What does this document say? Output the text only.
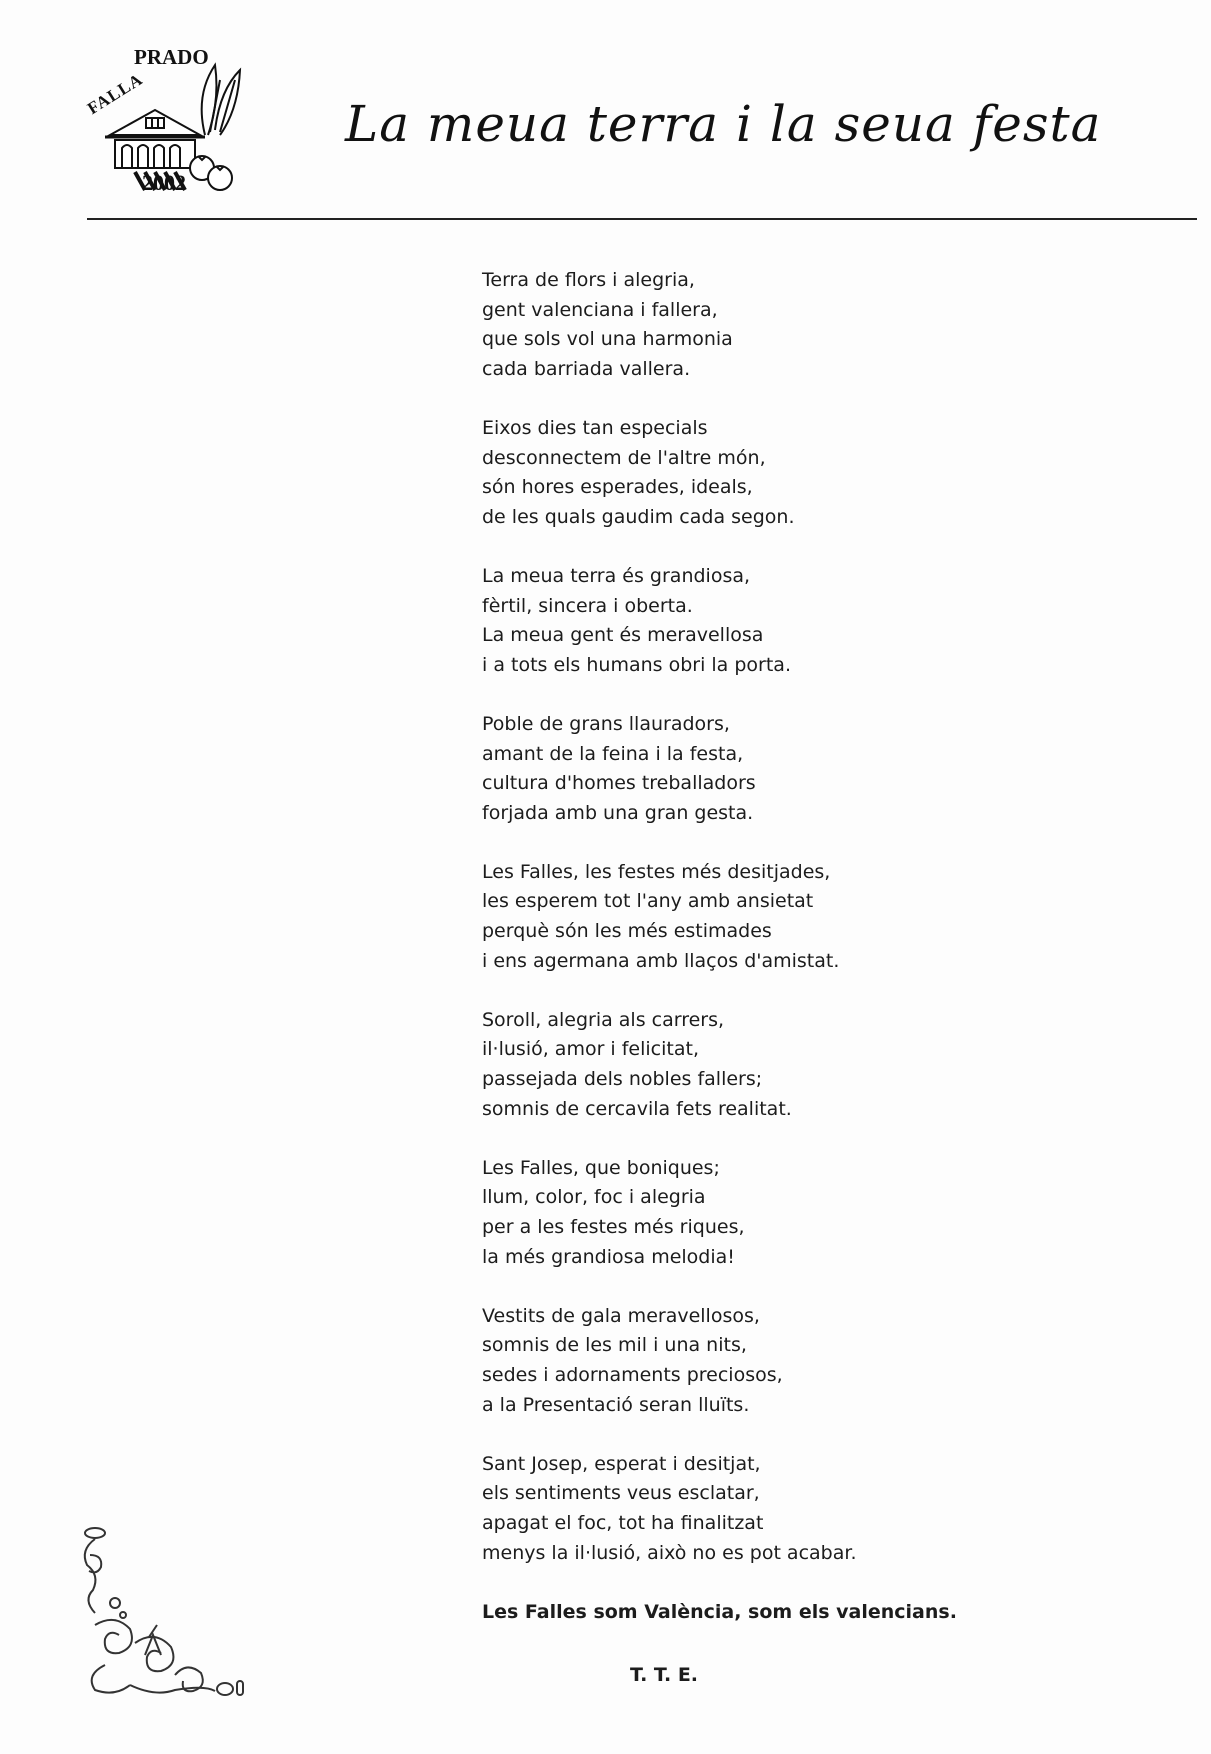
PRADO
FALLA
2002
La meua terra i la seua festa
Terra de flors i alegria,
gent valenciana i fallera,
que sols vol una harmonia
cada barriada vallera.
Eixos dies tan especials
desconnectem de l'altre món,
són hores esperades, ideals,
de les quals gaudim cada segon.
La meua terra és grandiosa,
fèrtil, sincera i oberta.
La meua gent és meravellosa
i a tots els humans obri la porta.
Poble de grans llauradors,
amant de la feina i la festa,
cultura d'homes treballadors
forjada amb una gran gesta.
Les Falles, les festes més desitjades,
les esperem tot l'any amb ansietat
perquè són les més estimades
i ens agermana amb llaços d'amistat.
Soroll, alegria als carrers,
il·lusió, amor i felicitat,
passejada dels nobles fallers;
somnis de cercavila fets realitat.
Les Falles, que boniques;
llum, color, foc i alegria
per a les festes més riques,
la més grandiosa melodia!
Vestits de gala meravellosos,
somnis de les mil i una nits,
sedes i adornaments preciosos,
a la Presentació seran lluïts.
Sant Josep, esperat i desitjat,
els sentiments veus esclatar,
apagat el foc, tot ha finalitzat
menys la il·lusió, això no es pot acabar.
Les Falles som València, som els valencians.
T. T. E.
